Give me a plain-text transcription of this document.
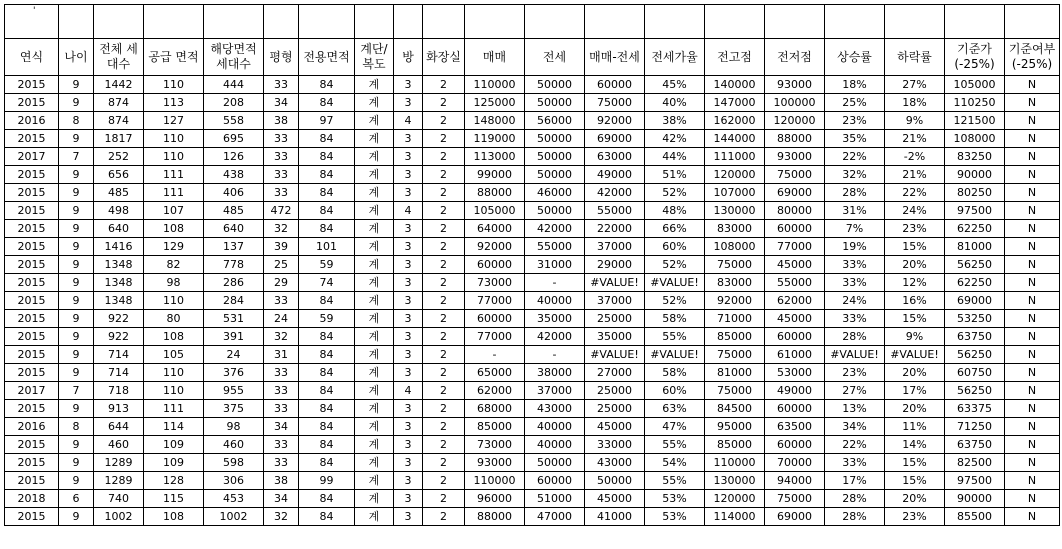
'																			
연식	나이	전체 세대수	공급 면적	해당면적 세대수	평형	전용면적	계단/ 복도	방	화장실	매매	전세	매매-전세	전세가율	전고점	전저점	상승률	하락률	기준가 (-25%)	기준여부 (-25%)
2015	9	1442	110	444	33	84	계	3	2	110000	50000	60000	45%	140000	93000	18%	27%	105000	N
2015	9	874	113	208	34	84	계	3	2	125000	50000	75000	40%	147000	100000	25%	18%	110250	N
2016	8	874	127	558	38	97	계	4	2	148000	56000	92000	38%	162000	120000	23%	9%	121500	N
2015	9	1817	110	695	33	84	계	3	2	119000	50000	69000	42%	144000	88000	35%	21%	108000	N
2017	7	252	110	126	33	84	계	3	2	113000	50000	63000	44%	111000	93000	22%	-2%	83250	N
2015	9	656	111	438	33	84	계	3	2	99000	50000	49000	51%	120000	75000	32%	21%	90000	N
2015	9	485	111	406	33	84	계	3	2	88000	46000	42000	52%	107000	69000	28%	22%	80250	N
2015	9	498	107	485	472	84	계	4	2	105000	50000	55000	48%	130000	80000	31%	24%	97500	N
2015	9	640	108	640	32	84	계	3	2	64000	42000	22000	66%	83000	60000	7%	23%	62250	N
2015	9	1416	129	137	39	101	계	3	2	92000	55000	37000	60%	108000	77000	19%	15%	81000	N
2015	9	1348	82	778	25	59	계	3	2	60000	31000	29000	52%	75000	45000	33%	20%	56250	N
2015	9	1348	98	286	29	74	계	3	2	73000	-	#VALUE!	#VALUE!	83000	55000	33%	12%	62250	N
2015	9	1348	110	284	33	84	계	3	2	77000	40000	37000	52%	92000	62000	24%	16%	69000	N
2015	9	922	80	531	24	59	계	3	2	60000	35000	25000	58%	71000	45000	33%	15%	53250	N
2015	9	922	108	391	32	84	계	3	2	77000	42000	35000	55%	85000	60000	28%	9%	63750	N
2015	9	714	105	24	31	84	계	3	2	-	-	#VALUE!	#VALUE!	75000	61000	#VALUE!	#VALUE!	56250	N
2015	9	714	110	376	33	84	계	3	2	65000	38000	27000	58%	81000	53000	23%	20%	60750	N
2017	7	718	110	955	33	84	계	4	2	62000	37000	25000	60%	75000	49000	27%	17%	56250	N
2015	9	913	111	375	33	84	계	3	2	68000	43000	25000	63%	84500	60000	13%	20%	63375	N
2016	8	644	114	98	34	84	계	3	2	85000	40000	45000	47%	95000	63500	34%	11%	71250	N
2015	9	460	109	460	33	84	계	3	2	73000	40000	33000	55%	85000	60000	22%	14%	63750	N
2015	9	1289	109	598	33	84	계	3	2	93000	50000	43000	54%	110000	70000	33%	15%	82500	N
2015	9	1289	128	306	38	99	계	3	2	110000	60000	50000	55%	130000	94000	17%	15%	97500	N
2018	6	740	115	453	34	84	계	3	2	96000	51000	45000	53%	120000	75000	28%	20%	90000	N
2015	9	1002	108	1002	32	84	계	3	2	88000	47000	41000	53%	114000	69000	28%	23%	85500	N
